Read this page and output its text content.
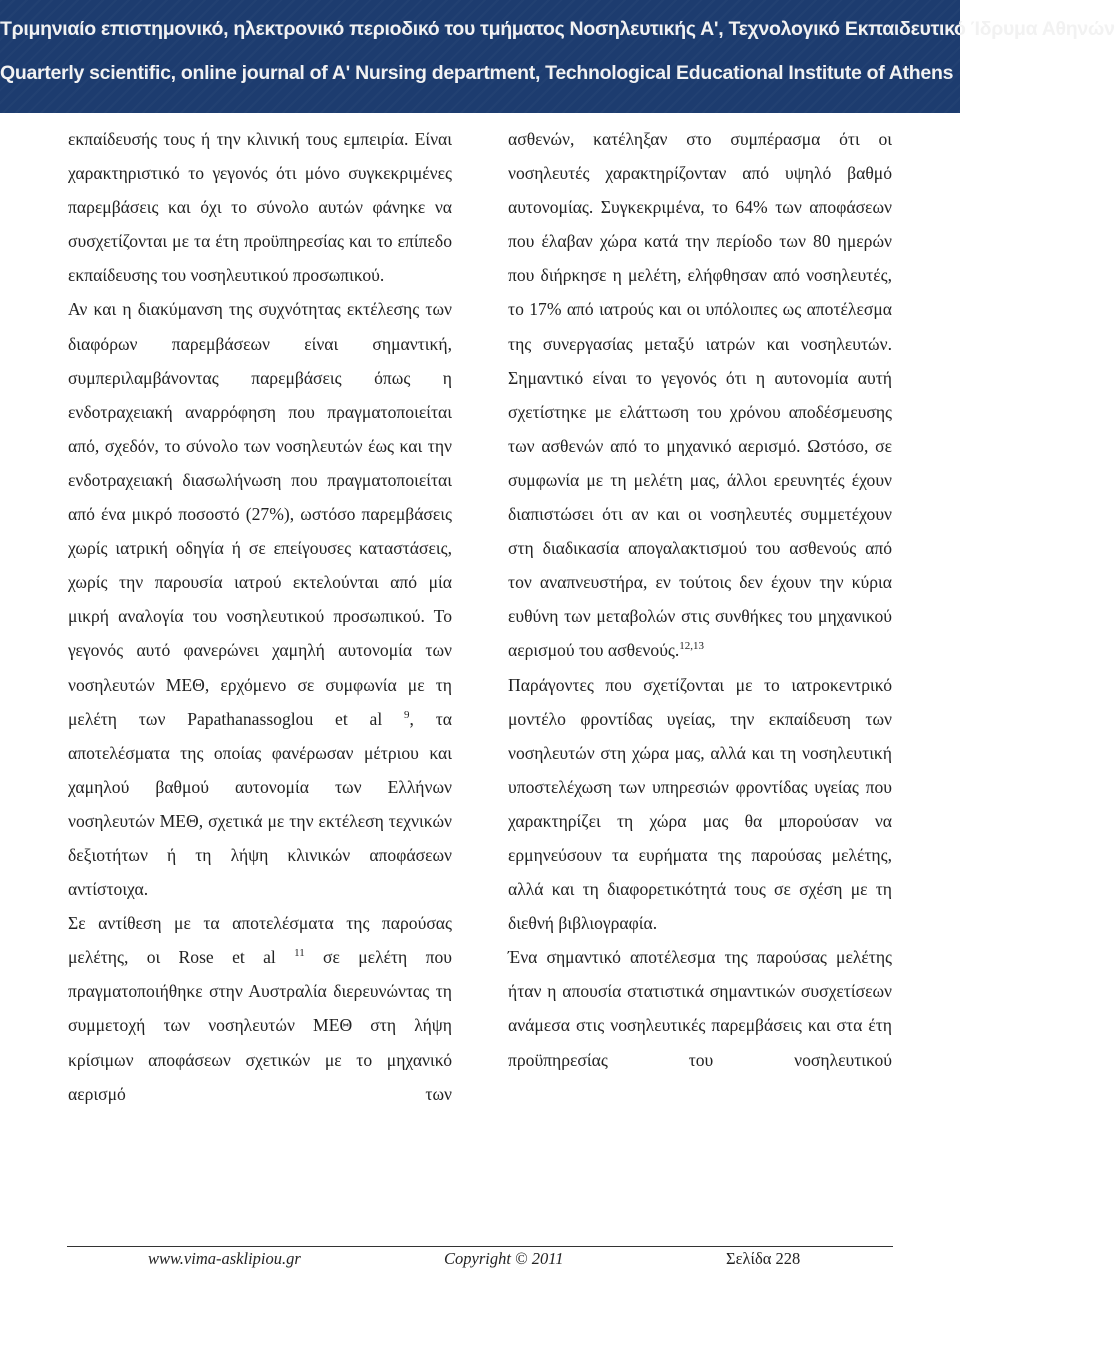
Τριμηνιαίο επιστημονικό, ηλεκτρονικό περιοδικό του τμήματος Νοσηλευτικής Α', Τεχνολογικό Εκπαιδευτικό Ίδρυμα Αθηνών
Quarterly scientific, online journal of A' Nursing department, Technological Educational Institute of Athens

εκπαίδευσής τους ή την κλινική τους εμπειρία. Είναι χαρακτηριστικό το γεγονός ότι μόνο συγκεκριμένες παρεμβάσεις και όχι το σύνολο αυτών φάνηκε να συσχετίζονται με τα έτη προϋπηρεσίας και το επίπεδο εκπαίδευσης του νοσηλευτικού προσωπικού.

Αν και η διακύμανση της συχνότητας εκτέλεσης των διαφόρων παρεμβάσεων είναι σημαντική, συμπεριλαμβάνοντας παρεμβάσεις όπως η ενδοτραχειακή αναρρόφηση που πραγματοποιείται από, σχεδόν, το σύνολο των νοσηλευτών έως και την ενδοτραχειακή διασωλήνωση που πραγματοποιείται από ένα μικρό ποσοστό (27%), ωστόσο παρεμβάσεις χωρίς ιατρική οδηγία ή σε επείγουσες καταστάσεις, χωρίς την παρουσία ιατρού εκτελούνται από μία μικρή αναλογία του νοσηλευτικού προσωπικού. Το γεγονός αυτό φανερώνει χαμηλή αυτονομία των νοσηλευτών ΜΕΘ, ερχόμενο σε συμφωνία με τη μελέτη των Papathanassoglou et al $^9$, τα αποτελέσματα της οποίας φανέρωσαν μέτριου και χαμηλού βαθμού αυτονομία των Ελλήνων νοσηλευτών ΜΕΘ, σχετικά με την εκτέλεση τεχνικών δεξιοτήτων ή τη λήψη κλινικών αποφάσεων αντίστοιχα.

Σε αντίθεση με τα αποτελέσματα της παρούσας μελέτης, οι Rose et al $^{11}$ σε μελέτη που πραγματοποιήθηκε στην Αυστραλία διερευνώντας τη συμμετοχή των νοσηλευτών ΜΕΘ στη λήψη κρίσιμων αποφάσεων σχετικών με το μηχανικό αερισμό των

ασθενών, κατέληξαν στο συμπέρασμα ότι οι νοσηλευτές χαρακτηρίζονταν από υψηλό βαθμό αυτονομίας. Συγκεκριμένα, το 64% των αποφάσεων που έλαβαν χώρα κατά την περίοδο των 80 ημερών που διήρκησε η μελέτη, ελήφθησαν από νοσηλευτές, το 17% από ιατρούς και οι υπόλοιπες ως αποτέλεσμα της συνεργασίας μεταξύ ιατρών και νοσηλευτών. Σημαντικό είναι το γεγονός ότι η αυτονομία αυτή σχετίστηκε με ελάττωση του χρόνου αποδέσμευσης των ασθενών από το μηχανικό αερισμό. Ωστόσο, σε συμφωνία με τη μελέτη μας, άλλοι ερευνητές έχουν διαπιστώσει ότι αν και οι νοσηλευτές συμμετέχουν στη διαδικασία απογαλακτισμού του ασθενούς από τον αναπνευστήρα, εν τούτοις δεν έχουν την κύρια ευθύνη των μεταβολών στις συνθήκες του μηχανικού αερισμού του ασθενούς.$^{12,13}$

Παράγοντες που σχετίζονται με το ιατροκεντρικό μοντέλο φροντίδας υγείας, την εκπαίδευση των νοσηλευτών στη χώρα μας, αλλά και τη νοσηλευτική υποστελέχωση των υπηρεσιών φροντίδας υγείας που χαρακτηρίζει τη χώρα μας θα μπορούσαν να ερμηνεύσουν τα ευρήματα της παρούσας μελέτης, αλλά και τη διαφορετικότητά τους σε σχέση με τη διεθνή βιβλιογραφία.

Ένα σημαντικό αποτέλεσμα της παρούσας μελέτης ήταν η απουσία στατιστικά σημαντικών συσχετίσεων ανάμεσα στις νοσηλευτικές παρεμβάσεις και στα έτη προϋπηρεσίας του νοσηλευτικού

www.vima-asklipiou.gr	Copyright © 2011	Σελίδα 228
